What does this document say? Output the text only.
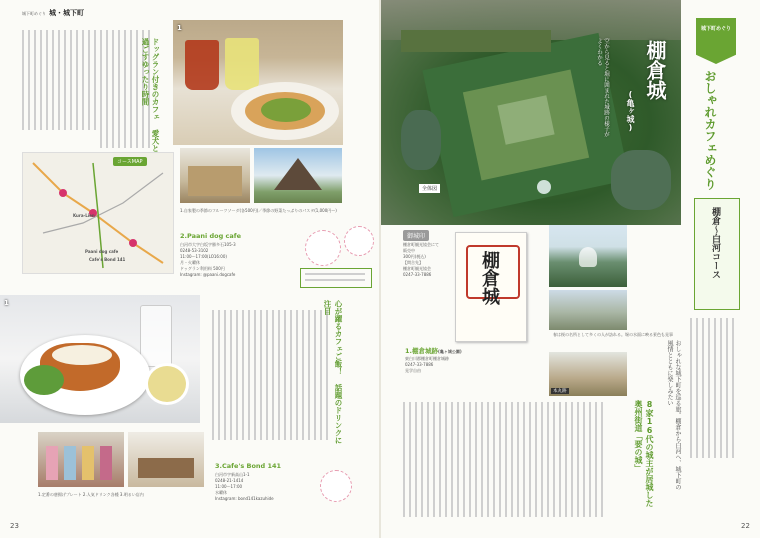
城下町めぐり 城・城下町
ドッグラン付きのカフェ 愛犬と過ごすゆったり時間
1
コースMAP
Kura-Lien
Paani dog cafe
Cafe's Bond 141
1.自家製の季節のフルーツソーダ(各500円)／季節の野菜たっぷりのパスタ(1,000円〜)
2.Paani dog cafe
白河市大字白坂字勝多石105-3
0248-53-3102
11:00〜17:00(LO16:00)
月・火曜休
ドッグラン利用料 500円
Instagram: @paani.dogcafe
1	心が躍るカフェご飯！ 話題のドリンクに注目
1.定番の唐揚げプレート 2.人気ドリンク各種 3.明るい店内
3.Cafe's Bond 141
白河市字新高山1-1
0248-21-1414
11:00〜17:00
水曜休
Instagram: bond141kazuhide
23
棚倉城
(亀ヶ城)
空から見ると堀に囲まれた城跡の様子がよくわかる
全体図
城下町めぐり
おしゃれカフェめぐり
棚倉〜白河コース
御城印
棚倉町観光協会にて販売中
300円(税込)
【問合先】
棚倉町観光協会
0247-33-7886	棚倉城
1.棚倉城跡(亀ヶ城公園)
東白川郡棚倉町棚倉城跡
0247-33-7886
見学自由
春は桜の名所として多くの人が訪れる。堀の水面に映る景色も見事
本丸跡
8家16代の城主が居城した 奥州街道「要の城」	おしゃれな城下町を巡る旅。棚倉から白河へ、城下町の風情とともに楽しみたい
22
